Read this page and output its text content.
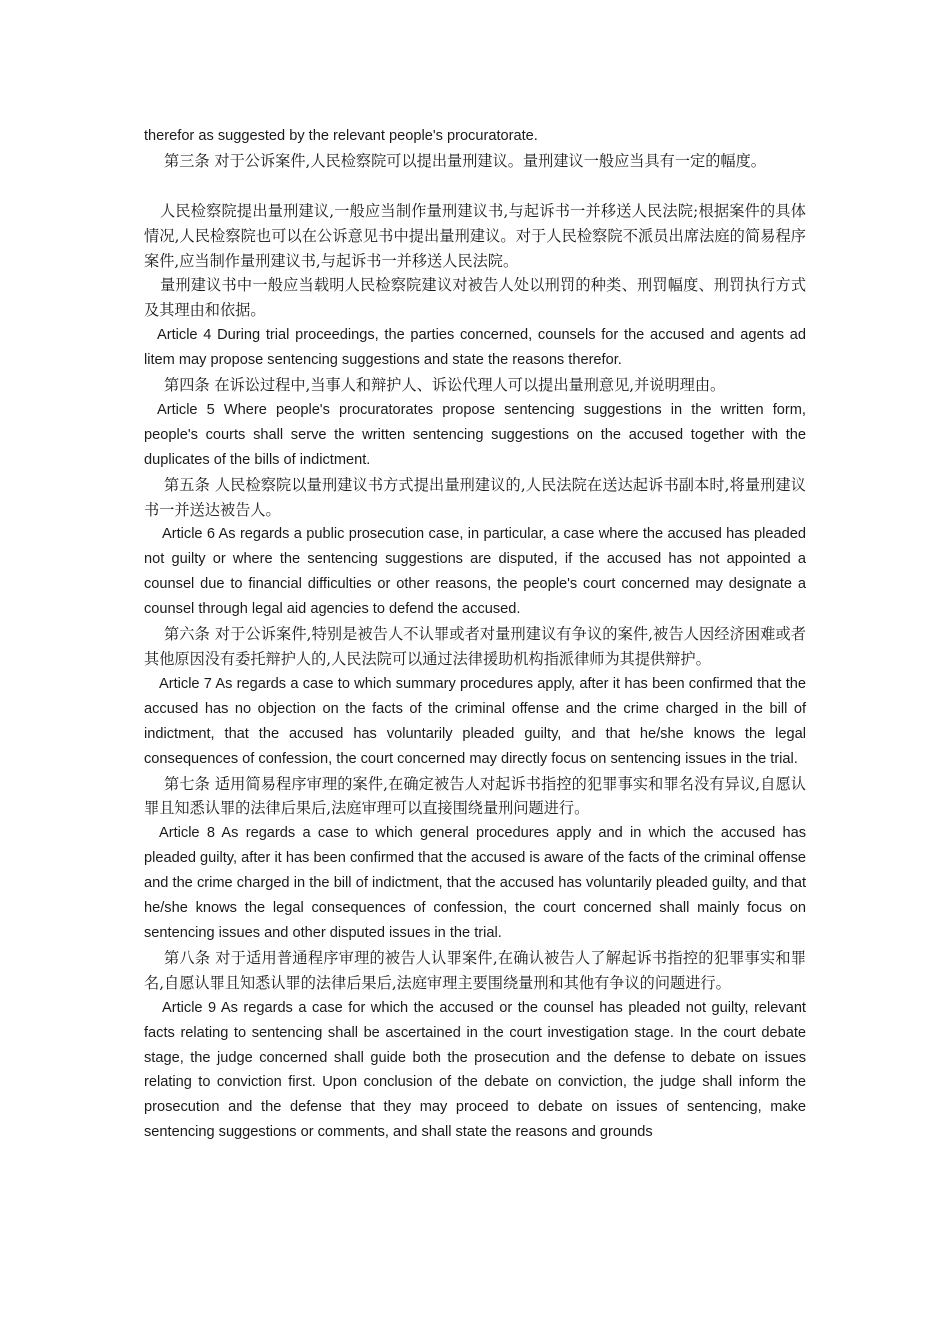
therefor as suggested by the relevant people's procuratorate.

第三条 对于公诉案件,人民检察院可以提出量刑建议。量刑建议一般应当具有一定的幅度。

人民检察院提出量刑建议,一般应当制作量刑建议书,与起诉书一并移送人民法院;根据案件的具体情况,人民检察院也可以在公诉意见书中提出量刑建议。对于人民检察院不派员出席法庭的简易程序案件,应当制作量刑建议书,与起诉书一并移送人民法院。

量刑建议书中一般应当载明人民检察院建议对被告人处以刑罚的种类、刑罚幅度、刑罚执行方式及其理由和依据。

Article 4 During trial proceedings, the parties concerned, counsels for the accused and agents ad litem may propose sentencing suggestions and state the reasons therefor.

第四条 在诉讼过程中,当事人和辩护人、诉讼代理人可以提出量刑意见,并说明理由。

Article 5 Where people's procuratorates propose sentencing suggestions in the written form, people's courts shall serve the written sentencing suggestions on the accused together with the duplicates of the bills of indictment.

第五条 人民检察院以量刑建议书方式提出量刑建议的,人民法院在送达起诉书副本时,将量刑建议书一并送达被告人。

Article 6 As regards a public prosecution case, in particular, a case where the accused has pleaded not guilty or where the sentencing suggestions are disputed, if the accused has not appointed a counsel due to financial difficulties or other reasons, the people's court concerned may designate a counsel through legal aid agencies to defend the accused.

第六条 对于公诉案件,特别是被告人不认罪或者对量刑建议有争议的案件,被告人因经济困难或者其他原因没有委托辩护人的,人民法院可以通过法律援助机构指派律师为其提供辩护。

Article 7 As regards a case to which summary procedures apply, after it has been confirmed that the accused has no objection on the facts of the criminal offense and the crime charged in the bill of indictment, that the accused has voluntarily pleaded guilty, and that he/she knows the legal consequences of confession, the court concerned may directly focus on sentencing issues in the trial.

第七条 适用简易程序审理的案件,在确定被告人对起诉书指控的犯罪事实和罪名没有异议,自愿认罪且知悉认罪的法律后果后,法庭审理可以直接围绕量刑问题进行。

Article 8 As regards a case to which general procedures apply and in which the accused has pleaded guilty, after it has been confirmed that the accused is aware of the facts of the criminal offense and the crime charged in the bill of indictment, that the accused has voluntarily pleaded guilty, and that he/she knows the legal consequences of confession, the court concerned shall mainly focus on sentencing issues and other disputed issues in the trial.

第八条 对于适用普通程序审理的被告人认罪案件,在确认被告人了解起诉书指控的犯罪事实和罪名,自愿认罪且知悉认罪的法律后果后,法庭审理主要围绕量刑和其他有争议的问题进行。

Article 9 As regards a case for which the accused or the counsel has pleaded not guilty, relevant facts relating to sentencing shall be ascertained in the court investigation stage. In the court debate stage, the judge concerned shall guide both the prosecution and the defense to debate on issues relating to conviction first. Upon conclusion of the debate on conviction, the judge shall inform the prosecution and the defense that they may proceed to debate on issues of sentencing, make sentencing suggestions or comments, and shall state the reasons and grounds
